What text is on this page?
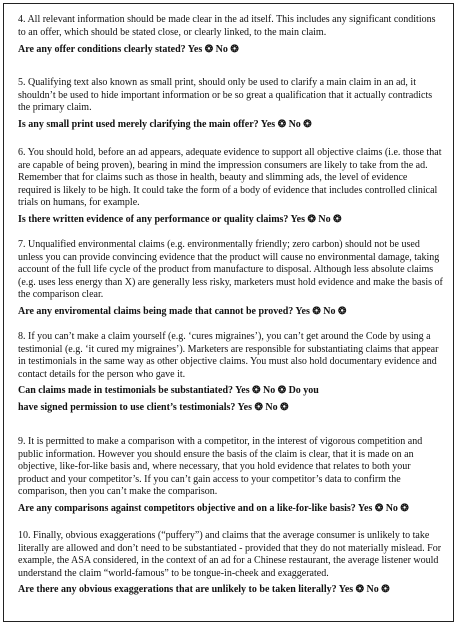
4. All relevant information should be made clear in the ad itself. This includes any significant conditions to an offer, which should be stated close, or clearly linked, to the main claim.

Are any offer conditions clearly stated? Yes ❂ No ❂

5. Qualifying text also known as small print, should only be used to clarify a main claim in an ad, it shouldn’t be used to hide important information or be so great a qualification that it actually contradicts the primary claim.

Is any small print used merely clarifying the main offer? Yes ❂ No ❂

6. You should hold, before an ad appears, adequate evidence to support all objective claims (i.e. those that are capable of being proven), bearing in mind the impression consumers are likely to take from the ad. Remember that for claims such as those in health, beauty and slimming ads, the level of evidence required is likely to be high. It could take the form of a body of evidence that includes controlled clinical trials on humans, for example.

Is there written evidence of any performance or quality claims? Yes ❂ No ❂

7. Unqualified environmental claims (e.g. environmentally friendly; zero carbon) should not be used unless you can provide convincing evidence that the product will cause no environmental damage, taking account of the full life cycle of the product from manufacture to disposal. Although less absolute claims (e.g. uses less energy than X) are generally less risky, marketers must hold evidence and make the basis of the comparison clear.

Are any enviromental claims being made that cannot be proved? Yes ❂ No ❂

8. If you can’t make a claim yourself (e.g. ‘cures migraines’), you can’t get around the Code by using a testimonial (e.g. ‘it cured my migraines’). Marketers are responsible for substantiating claims that appear in testimonials in the same way as other objective claims. You must also hold documentary evidence and contact details for the person who gave it.

Can claims made in testimonials be substantiated? Yes ❂ No ❂ Do you

have signed permission to use client’s testimonials? Yes ❂ No ❂

9. It is permitted to make a comparison with a competitor, in the interest of vigorous competition and public information. However you should ensure the basis of the claim is clear, that it is made on an objective, like-for-like basis and, where necessary, that you hold evidence that relates to both your product and your competitor’s. If you can’t gain access to your competitor’s data to confirm the comparison, then you can’t make the comparison.

Are any comparisons against competitors objective and on a like-for-like basis? Yes ❂ No ❂

10. Finally, obvious exaggerations (“puffery”) and claims that the average consumer is unlikely to take literally are allowed and don’t need to be substantiated - provided that they do not materially mislead. For example, the ASA considered, in the context of an ad for a Chinese restaurant, the average listener would understand the claim “world-famous” to be tongue-in-cheek and exaggerated.

Are there any obvious exaggerations that are unlikely to be taken literally? Yes ❂ No ❂
